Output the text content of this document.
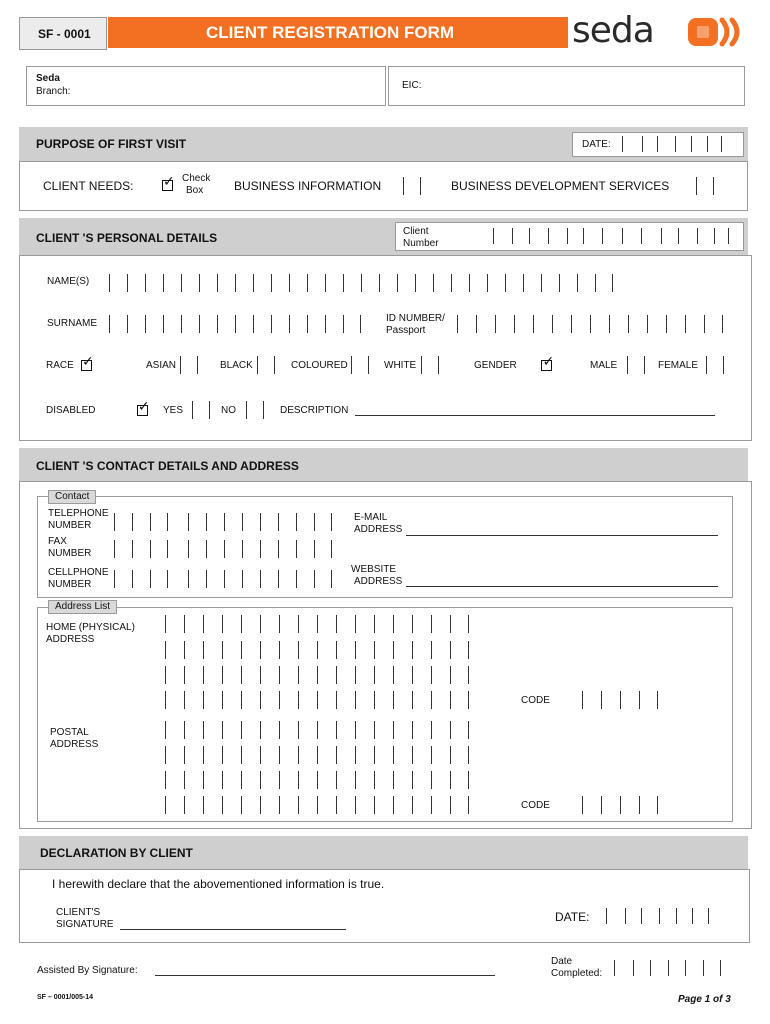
SF - 0001	CLIENT REGISTRATION FORM	seda
Seda
Branch:
EIC:
PURPOSE OF FIRST VISIT	DATE:
CLIENT NEEDS:
✓
Check
Box	BUSINESS INFORMATION	BUSINESS DEVELOPMENT SERVICES
CLIENT 'S PERSONAL DETAILS	Client
Number
NAME(S)
SURNAME	ID NUMBER/
Passport
RACE
✓	ASIAN	BLACK	COLOURED	WHITE	GENDER
✓	MALE	FEMALE
DISABLED
✓	YES	NO	DESCRIPTION
CLIENT 'S CONTACT DETAILS AND ADDRESS
Contact
TELEPHONE
NUMBER
FAX
NUMBER
CELLPHONE
NUMBER
E-MAIL
ADDRESS
WEBSITE
ADDRESS
Address List
HOME (PHYSICAL)
ADDRESS
CODE
POSTAL
ADDRESS
CODE
DECLARATION BY CLIENT
I herewith declare that the abovementioned information is true.
CLIENT'S
SIGNATURE
DATE:
Assisted By Signature:
Date
Completed:
SF – 0001/005-14	Page 1 of 3
